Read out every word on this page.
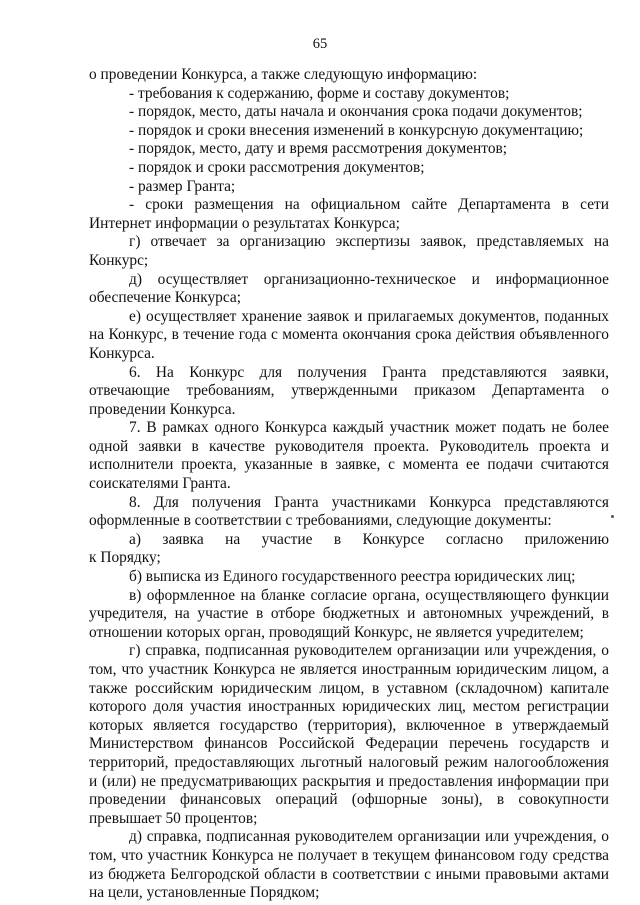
65

о проведении Конкурса, а также следующую информацию:

- требования к содержанию, форме и составу документов;

- порядок, место, даты начала и окончания срока подачи документов;

- порядок и сроки внесения изменений в конкурсную документацию;

- порядок, место, дату и время рассмотрения документов;

- порядок и сроки рассмотрения документов;

- размер Гранта;

- сроки размещения на официальном сайте Департамента в сети Интернет информации о результатах Конкурса;

г) отвечает за организацию экспертизы заявок, представляемых на Конкурс;

д) осуществляет организационно-техническое и информационное обеспечение Конкурса;

е) осуществляет хранение заявок и прилагаемых документов, поданных на Конкурс, в течение года с момента окончания срока действия объявленного Конкурса.

6. На Конкурс для получения Гранта представляются заявки, отвечающие требованиям, утвержденными приказом Департамента о проведении Конкурса.

7. В рамках одного Конкурса каждый участник может подать не более одной заявки в качестве руководителя проекта. Руководитель проекта и исполнители проекта, указанные в заявке, с момента ее подачи считаются соискателями Гранта.

8. Для получения Гранта участниками Конкурса представляются оформленные в соответствии с требованиями, следующие документы:

а) заявка на участие в Конкурсе согласно приложению

к Порядку;

б) выписка из Единого государственного реестра юридических лиц;

в) оформленное на бланке согласие органа, осуществляющего функции учредителя, на участие в отборе бюджетных и автономных учреждений, в отношении которых орган, проводящий Конкурс, не является учредителем;

г) справка, подписанная руководителем организации или учреждения, о том, что участник Конкурса не является иностранным юридическим лицом, а также российским юридическим лицом, в уставном (складочном) капитале которого доля участия иностранных юридических лиц, местом регистрации которых является государство (территория), включенное в утверждаемый Министерством финансов Российской Федерации перечень государств и территорий, предоставляющих льготный налоговый режим налогообложения и (или) не предусматривающих раскрытия и предоставления информации при проведении финансовых операций (офшорные зоны), в совокупности превышает 50 процентов;

д) справка, подписанная руководителем организации или учреждения, о том, что участник Конкурса не получает в текущем финансовом году средства из бюджета Белгородской области в соответствии с иными правовыми актами на цели, установленные Порядком;
